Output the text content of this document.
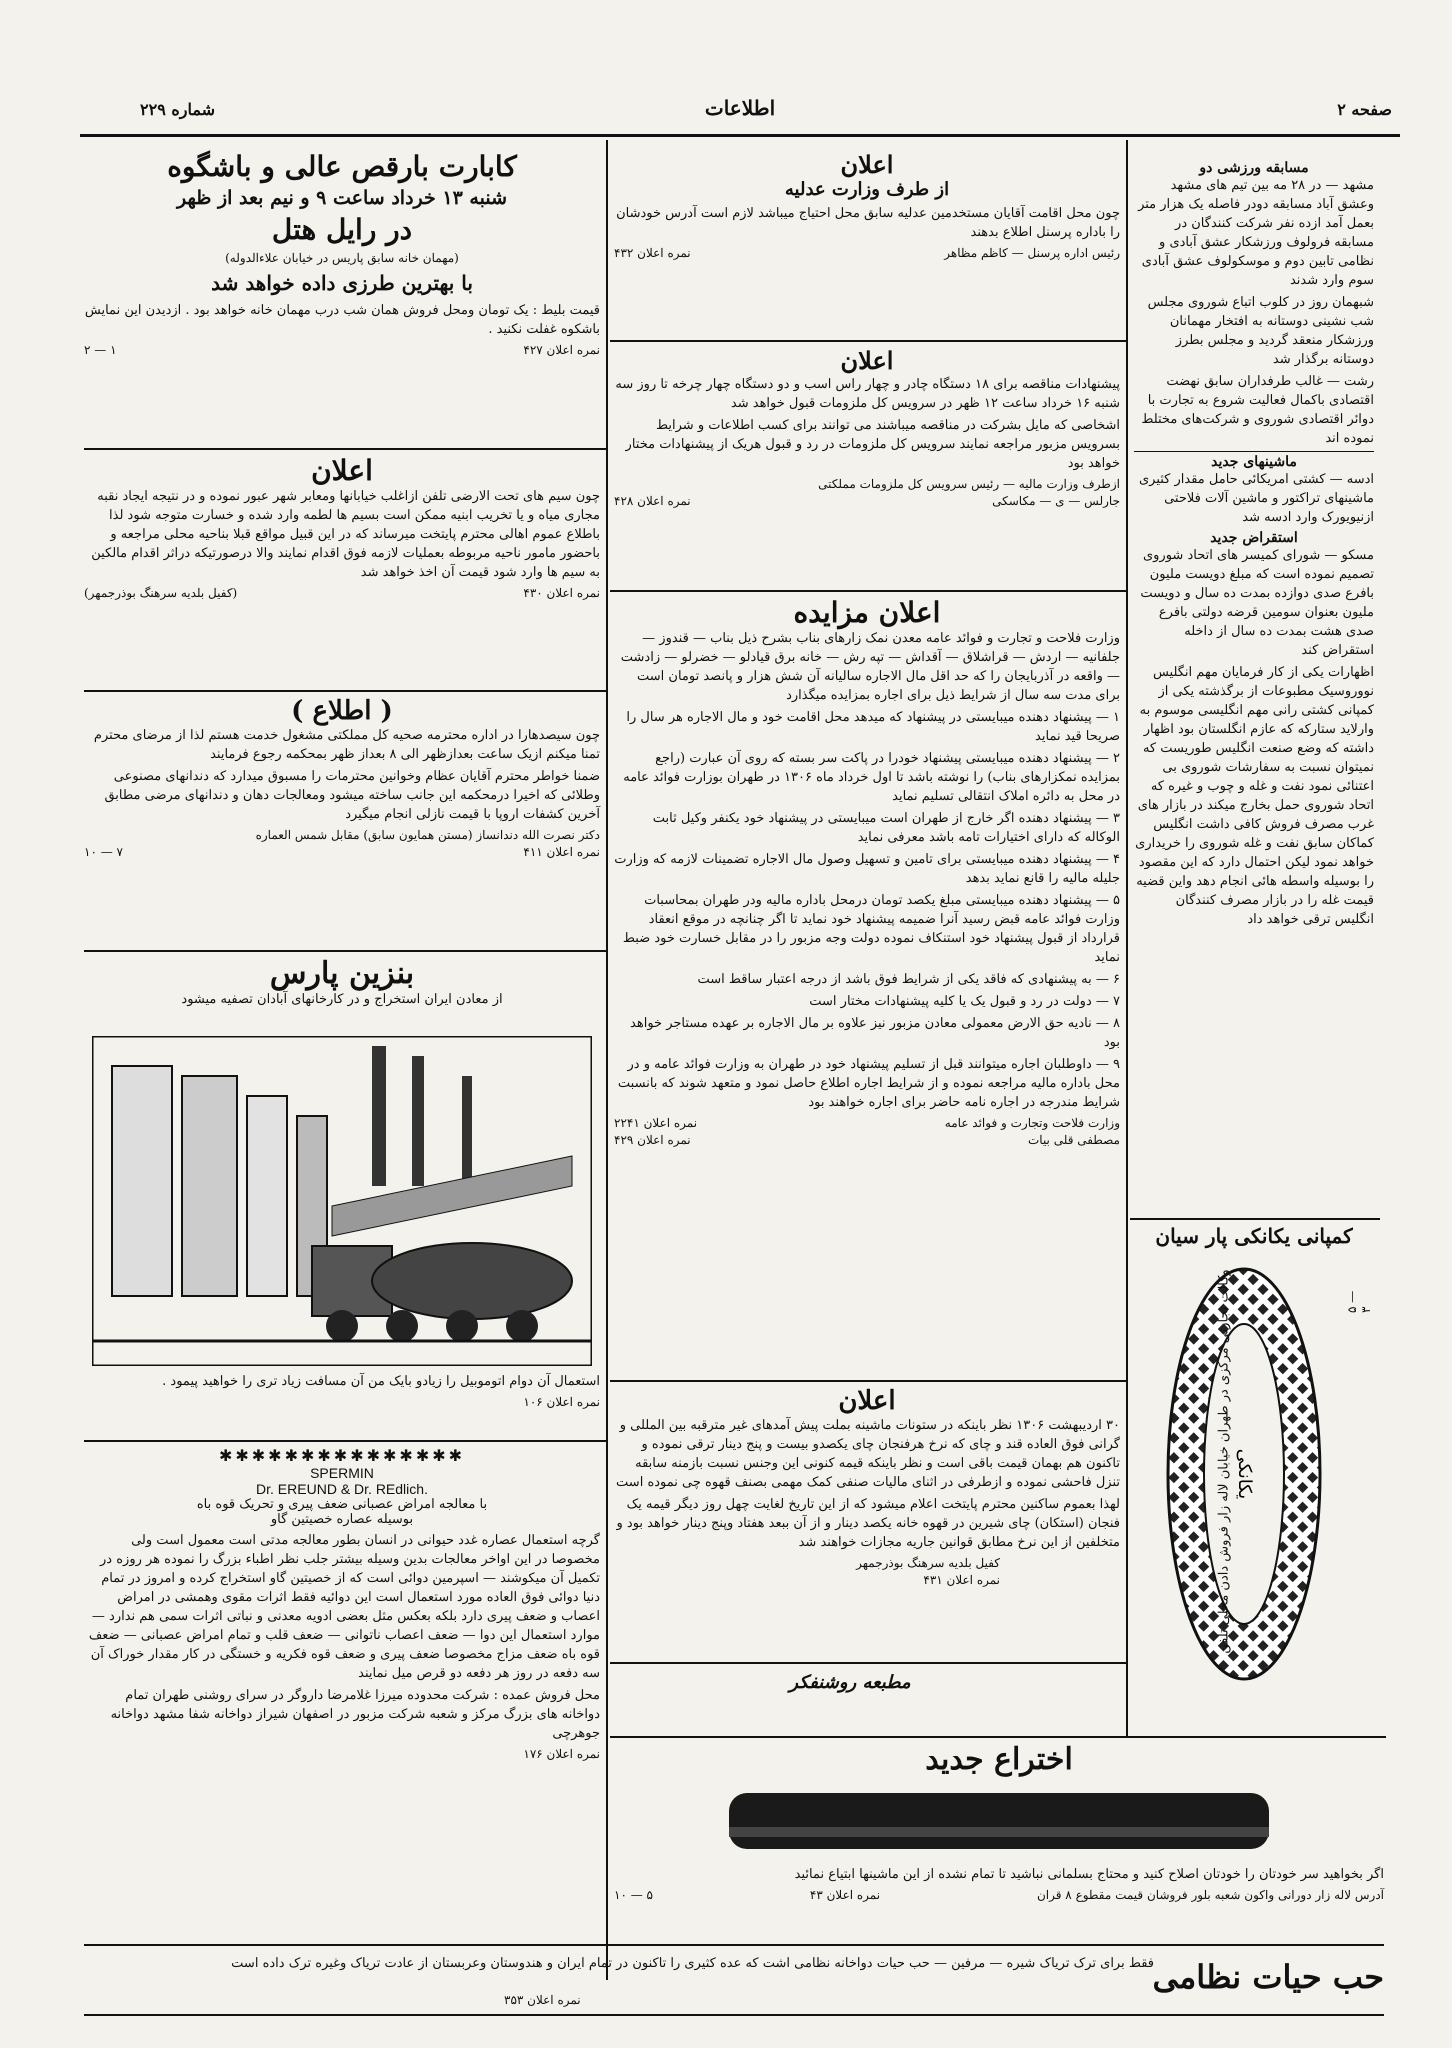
صفحه ۲
اطلاعات
شماره ۲۲۹
مسابقه ورزشی دو

مشهد — در ۲۸ مه بین تیم های مشهد وعشق آباد مسابقه دودر فاصله یک هزار متر بعمل آمد ازده نفر شرکت کنندگان در مسابقه فرولوف ورزشکار عشق آبادی و نظامی تابین دوم و موسکولوف عشق آبادی سوم وارد شدند

شبهمان روز در کلوب اتباع شوروی مجلس شب نشینی دوستانه به افتخار مهمانان ورزشکار منعقد گردید و مجلس بطرز دوستانه برگذار شد

رشت — غالب طرفداران سابق نهضت اقتصادی باکمال فعالیت شروع به تجارت با دوائر اقتصادی شوروی و شرکت‌های مختلط نموده اند

ماشینهای جدید

ادسه — کشتی امریکائی حامل مقدار کثیری ماشینهای تراکتور و ماشین آلات فلاحتی ازنیویورک وارد ادسه شد

استقراض جدید

مسکو — شورای کمیسر های اتحاد شوروی تصمیم نموده است که مبلغ دویست ملیون بافرع صدی دوازده بمدت ده سال و دویست ملیون بعنوان سومین قرضه دولتی بافرع صدی هشت بمدت ده سال از داخله استقراض کند

اظهارات یکی از کار فرمایان مهم انگلیس نووروسیک مطبوعات از برگذشته یکی از کمپانی کشتی رانی مهم انگلیسی موسوم به وارلاید ستارکه که عازم انگلستان بود اظهار داشته که وضع صنعت انگلیس طوریست که نمیتوان نسبت به سفارشات شوروی بی اعتنائی نمود نفت و غله و چوب و غیره که اتحاد شوروی حمل بخارج میکند در بازار های غرب مصرف فروش کافی داشت انگلیس کماکان سابق نفت و غله شوروی را خریداری خواهد نمود لیکن احتمال دارد که این مقصود را بوسیله واسطه هائی انجام دهد واین قضیه قیمت غله را در بازار مصرف کنندگان انگلیس ترقی خواهد داد

کمپانی یکانکی پار سیان
یکانکی
وکالت تجارتی مرکزی در طهران خیابان لاله زار فروش دادن محلی تلفن	۵ — ۳
اعلان
از طرف وزارت عدلیه

چون محل اقامت آقایان مستخدمین عدلیه سابق محل احتیاج میباشد لازم است آدرس خودشان را باداره پرسنل اطلاع بدهند

رئیس اداره پرسنل — کاظم مظاهر
نمره اعلان ۴۳۲
اعلان

پیشنهادات مناقصه برای ۱۸ دستگاه چادر و چهار راس اسب و دو دستگاه چهار چرخه تا روز سه شنبه ۱۶ خرداد ساعت ۱۲ ظهر در سرویس کل ملزومات قبول خواهد شد

اشخاصی که مایل بشرکت در مناقصه میباشند می توانند برای کسب اطلاعات و شرایط بسرویس مزبور مراجعه نمایند سرویس کل ملزومات در رد و قبول هریک از پیشنهادات مختار خواهد بود

ازطرف وزارت مالیه — رئیس سرویس کل ملزومات مملکتی
جارلس — ی — مکاسکی
نمره اعلان ۴۲۸
اعلان مزایده

وزارت فلاحت و تجارت و فوائد عامه معدن نمک زارهای بناب بشرح ذیل بناب — قندوز — جلفانیه — اردش — قراشلاق — آقداش — تپه رش — خانه برق قیادلو — خضرلو — زادشت — واقعه در آذربایجان را که حد اقل مال الاجاره سالیانه آن شش هزار و پانصد تومان است برای مدت سه سال از شرایط ذیل برای اجاره بمزایده میگذارد

۱ — پیشنهاد دهنده میبایستی در پیشنهاد که میدهد محل اقامت خود و مال الاجاره هر سال را صریحا قید نماید

۲ — پیشنهاد دهنده میبایستی پیشنهاد خودرا در پاکت سر بسته که روی آن عبارت (راجع بمزایده نمکزارهای بناب) را نوشته باشد تا اول خرداد ماه ۱۳۰۶ در طهران بوزارت فوائد عامه در محل به دائره املاک انتقالی تسلیم نماید

۳ — پیشنهاد دهنده اگر خارج از طهران است میبایستی در پیشنهاد خود یکنفر وکیل ثابت الوکاله که دارای اختیارات تامه باشد معرفی نماید

۴ — پیشنهاد دهنده میبایستی برای تامین و تسهیل وصول مال الاجاره تضمینات لازمه که وزارت جلیله مالیه را قانع نماید بدهد

۵ — پیشنهاد دهنده میبایستی مبلغ یکصد تومان درمحل باداره مالیه ودر طهران بمحاسبات وزارت فوائد عامه قبض رسید آنرا ضمیمه پیشنهاد خود نماید تا اگر چنانچه در موقع انعقاد قرارداد از قبول پیشنهاد خود استنکاف نموده دولت وجه مزبور را در مقابل خسارت خود ضبط نماید

۶ — به پیشنهادی که فاقد یکی از شرایط فوق باشد از درجه اعتبار ساقط است

۷ — دولت در رد و قبول یک یا کلیه پیشنهادات مختار است

۸ — نادیه حق الارض معمولی معادن مزبور نیز علاوه بر مال الاجاره بر عهده مستاجر خواهد بود

۹ — داوطلبان اجاره میتوانند قبل از تسلیم پیشنهاد خود در طهران به وزارت فوائد عامه و در محل باداره مالیه مراجعه نموده و از شرایط اجاره اطلاع حاصل نمود و متعهد شوند که بانسبت شرایط مندرجه در اجاره نامه حاضر برای اجاره خواهند بود

وزارت فلاحت وتجارت و فوائد عامه
نمره اعلان ۲۲۴۱
مصطفی قلی بیات
نمره اعلان ۴۲۹
اعلان

۳۰ اردیبهشت ۱۳۰۶ نظر باینکه در ستونات ماشینه بملت پیش آمدهای غیر مترقبه بین المللی و گرانی فوق العاده قند و چای که نرخ هرفنجان چای یکصدو بیست و پنج دینار ترقی نموده و تاکنون هم بهمان قیمت باقی است و نظر باینکه قیمه کنونی این وجنس نسبت بازمنه سابقه تنزل فاحشی نموده و ازطرفی در اثنای مالیات صنفی کمک مهمی بصنف قهوه چی نموده است

لهذا بعموم ساکنین محترم پایتخت اعلام میشود که از این تاریخ لغایت چهل روز دیگر قیمه یک فنجان (استکان) چای شیرین در قهوه خانه یکصد دینار و از آن ببعد هفتاد وپنج دینار خواهد بود و متخلفین از این نرخ مطابق قوانین جاریه مجازات خواهند شد

کفیل بلدیه سرهنگ بوذرجمهر
نمره اعلان ۴۳۱
مطبعه روشنفکر
کابارت بارقص عالی و باشگوه
شنبه ۱۳ خرداد ساعت ۹ و نیم بعد از ظهر
در رایل هتل
(مهمان خانه سابق پاریس در خیابان علاءالدوله)
با بهترین طرزی داده خواهد شد

قیمت بلیط : یک تومان ومحل فروش همان شب درب مهمان خانه خواهد بود . ازدیدن این نمایش باشکوه غفلت نکنید .

نمره اعلان ۴۲۷
۱ — ۲
اعلان

چون سیم های تحت الارضی تلفن ازاغلب خیابانها ومعابر شهر عبور نموده و در نتیجه ایجاد نقبه مجاری میاه و یا تخریب ابنیه ممکن است بسیم ها لطمه وارد شده و خسارت متوجه شود لذا باطلاع عموم اهالی محترم پایتخت میرساند که در این قبیل مواقع قبلا بناحیه محلی مراجعه و باحضور مامور ناحیه مربوطه بعملیات لازمه فوق اقدام نمایند والا درصورتیکه دراثر اقدام مالکین به سیم ها وارد شود قیمت آن اخذ خواهد شد

نمره اعلان ۴۳۰
(کفیل بلدیه سرهنگ بوذرجمهر)
( اطلاع )

چون سیصدهارا در اداره محترمه صحیه کل مملکتی مشغول خدمت هستم لذا از مرضای محترم تمنا میکنم ازیک ساعت بعدازظهر الی ۸ بعداز ظهر بمحکمه رجوع فرمایند

ضمنا خواطر محترم آقایان عظام وخوانین محترمات را مسبوق میدارد که دندانهای مصنوعی وطلائی که اخیرا درمحکمه این جانب ساخته میشود ومعالجات دهان و دندانهای مرضی مطابق آخرین کشفات اروپا با قیمت نازلی انجام میگیرد

دکتر نصرت الله دندانساز (مستن همایون سابق) مقابل شمس العماره
نمره اعلان ۴۱۱
۷ — ۱۰
بنزین پارس
از معادن ایران استخراج و در کارخانهای آبادان تصفیه میشود

استعمال آن دوام اتوموبیل را زیادو بایک من آن مسافت زیاد تری را خواهید پیمود .

نمره اعلان ۱۰۶
✱✱✱✱✱✱✱✱✱✱✱✱✱✱✱
SPERMIN
Dr. EREUND & Dr. REdlich.
با معالجه امراض عصبانی ضعف پیری و تحریک قوه باه
بوسیله عصاره خصیتین گاو

گرچه استعمال عصاره غدد حیوانی در انسان بطور معالجه مدتی است معمول است ولی مخصوصا در این اواخر معالجات بدین وسیله بیشتر جلب نظر اطباء بزرگ را نموده هر روزه در تکمیل آن میکوشند — اسپرمین دوائی است که از خصیتین گاو استخراج کرده و امروز در تمام دنیا دوائی فوق العاده مورد استعمال است این دوائیه فقط اثرات مقوی وهمشی در امراض اعصاب و ضعف پیری دارد بلکه بعکس مثل بعضی ادویه معدنی و نباتی اثرات سمی هم ندارد — موارد استعمال این دوا — ضعف اعصاب ناتوانی — ضعف قلب و تمام امراض عصبانی — ضعف قوه باه ضعف مزاج مخصوصا ضعف پیری و ضعف قوه فکریه و خستگی در کار مقدار خوراک آن سه دفعه در روز هر دفعه دو قرص میل نمایند

محل فروش عمده : شرکت محدوده میرزا غلامرضا داروگر در سرای روشنی طهران تمام دواخانه های بزرگ مرکز و شعبه شرکت مزبور در اصفهان شیراز دواخانه شفا مشهد دواخانه جوهرچی

نمره اعلان ۱۷۶	اختراع جدید

اگر بخواهید سر خودتان را خودتان اصلاح کنید و محتاج بسلمانی نباشید تا تمام نشده از این ماشینها ابتیاع نمائید

آدرس لاله زار دورانی واکون شعبه بلور فروشان قیمت مقطوع ۸ قران
نمره اعلان ۴۳
۵ — ۱۰
حب حیات نظامی
فقط برای ترک تریاک شیره — مرفین — حب حیات دواخانه نظامی اشت که عده کثیری را تاکنون در تمام ایران و هندوستان وعربستان از عادت تریاک وغیره ترک داده است
نمره اعلان ۳۵۳
